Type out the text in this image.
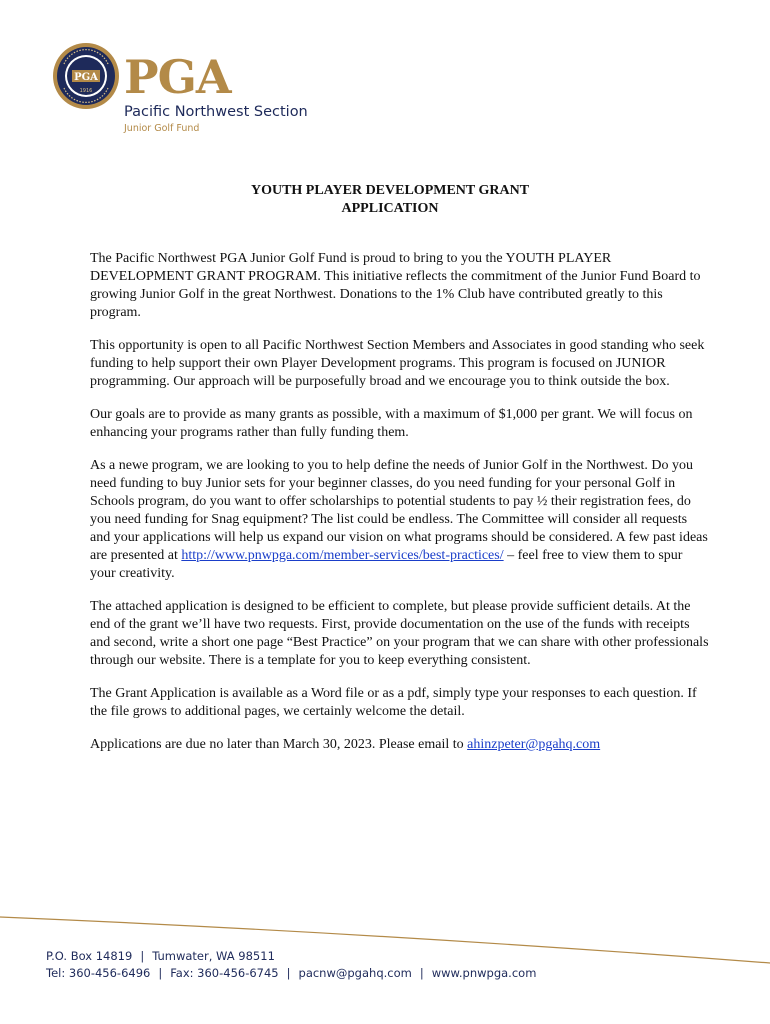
PGA
1916 PGA
Pacific Northwest Section
Junior Golf Fund
YOUTH PLAYER DEVELOPMENT GRANT
APPLICATION

The Pacific Northwest PGA Junior Golf Fund is proud to bring to you the YOUTH PLAYER DEVELOPMENT GRANT PROGRAM. This initiative reflects the commitment of the Junior Fund Board to growing Junior Golf in the great Northwest. Donations to the 1% Club have contributed greatly to this program.

This opportunity is open to all Pacific Northwest Section Members and Associates in good standing who seek funding to help support their own Player Development programs. This program is focused on JUNIOR programming. Our approach will be purposefully broad and we encourage you to think outside the box.

Our goals are to provide as many grants as possible, with a maximum of $1,000 per grant. We will focus on enhancing your programs rather than fully funding them.

As a newe program, we are looking to you to help define the needs of Junior Golf in the Northwest. Do you need funding to buy Junior sets for your beginner classes, do you need funding for your personal Golf in Schools program, do you want to offer scholarships to potential students to pay ½ their registration fees, do you need funding for Snag equipment? The list could be endless. The Committee will consider all requests and your applications will help us expand our vision on what programs should be considered. A few past ideas are presented at http://www.pnwpga.com/member-services/best-practices/ – feel free to view them to spur your creativity.

The attached application is designed to be efficient to complete, but please provide sufficient details. At the end of the grant we’ll have two requests. First, provide documentation on the use of the funds with receipts and second, write a short one page “Best Practice” on your program that we can share with other professionals through our website. There is a template for you to keep everything consistent.

The Grant Application is available as a Word file or as a pdf, simply type your responses to each question. If the file grows to additional pages, we certainly welcome the detail.

Applications are due no later than March 30, 2023. Please email to ahinzpeter@pgahq.com

P.O. Box 14819 | Tumwater, WA 98511
Tel: 360-456-6496 | Fax: 360-456-6745 | pacnw@pgahq.com | www.pnwpga.com
